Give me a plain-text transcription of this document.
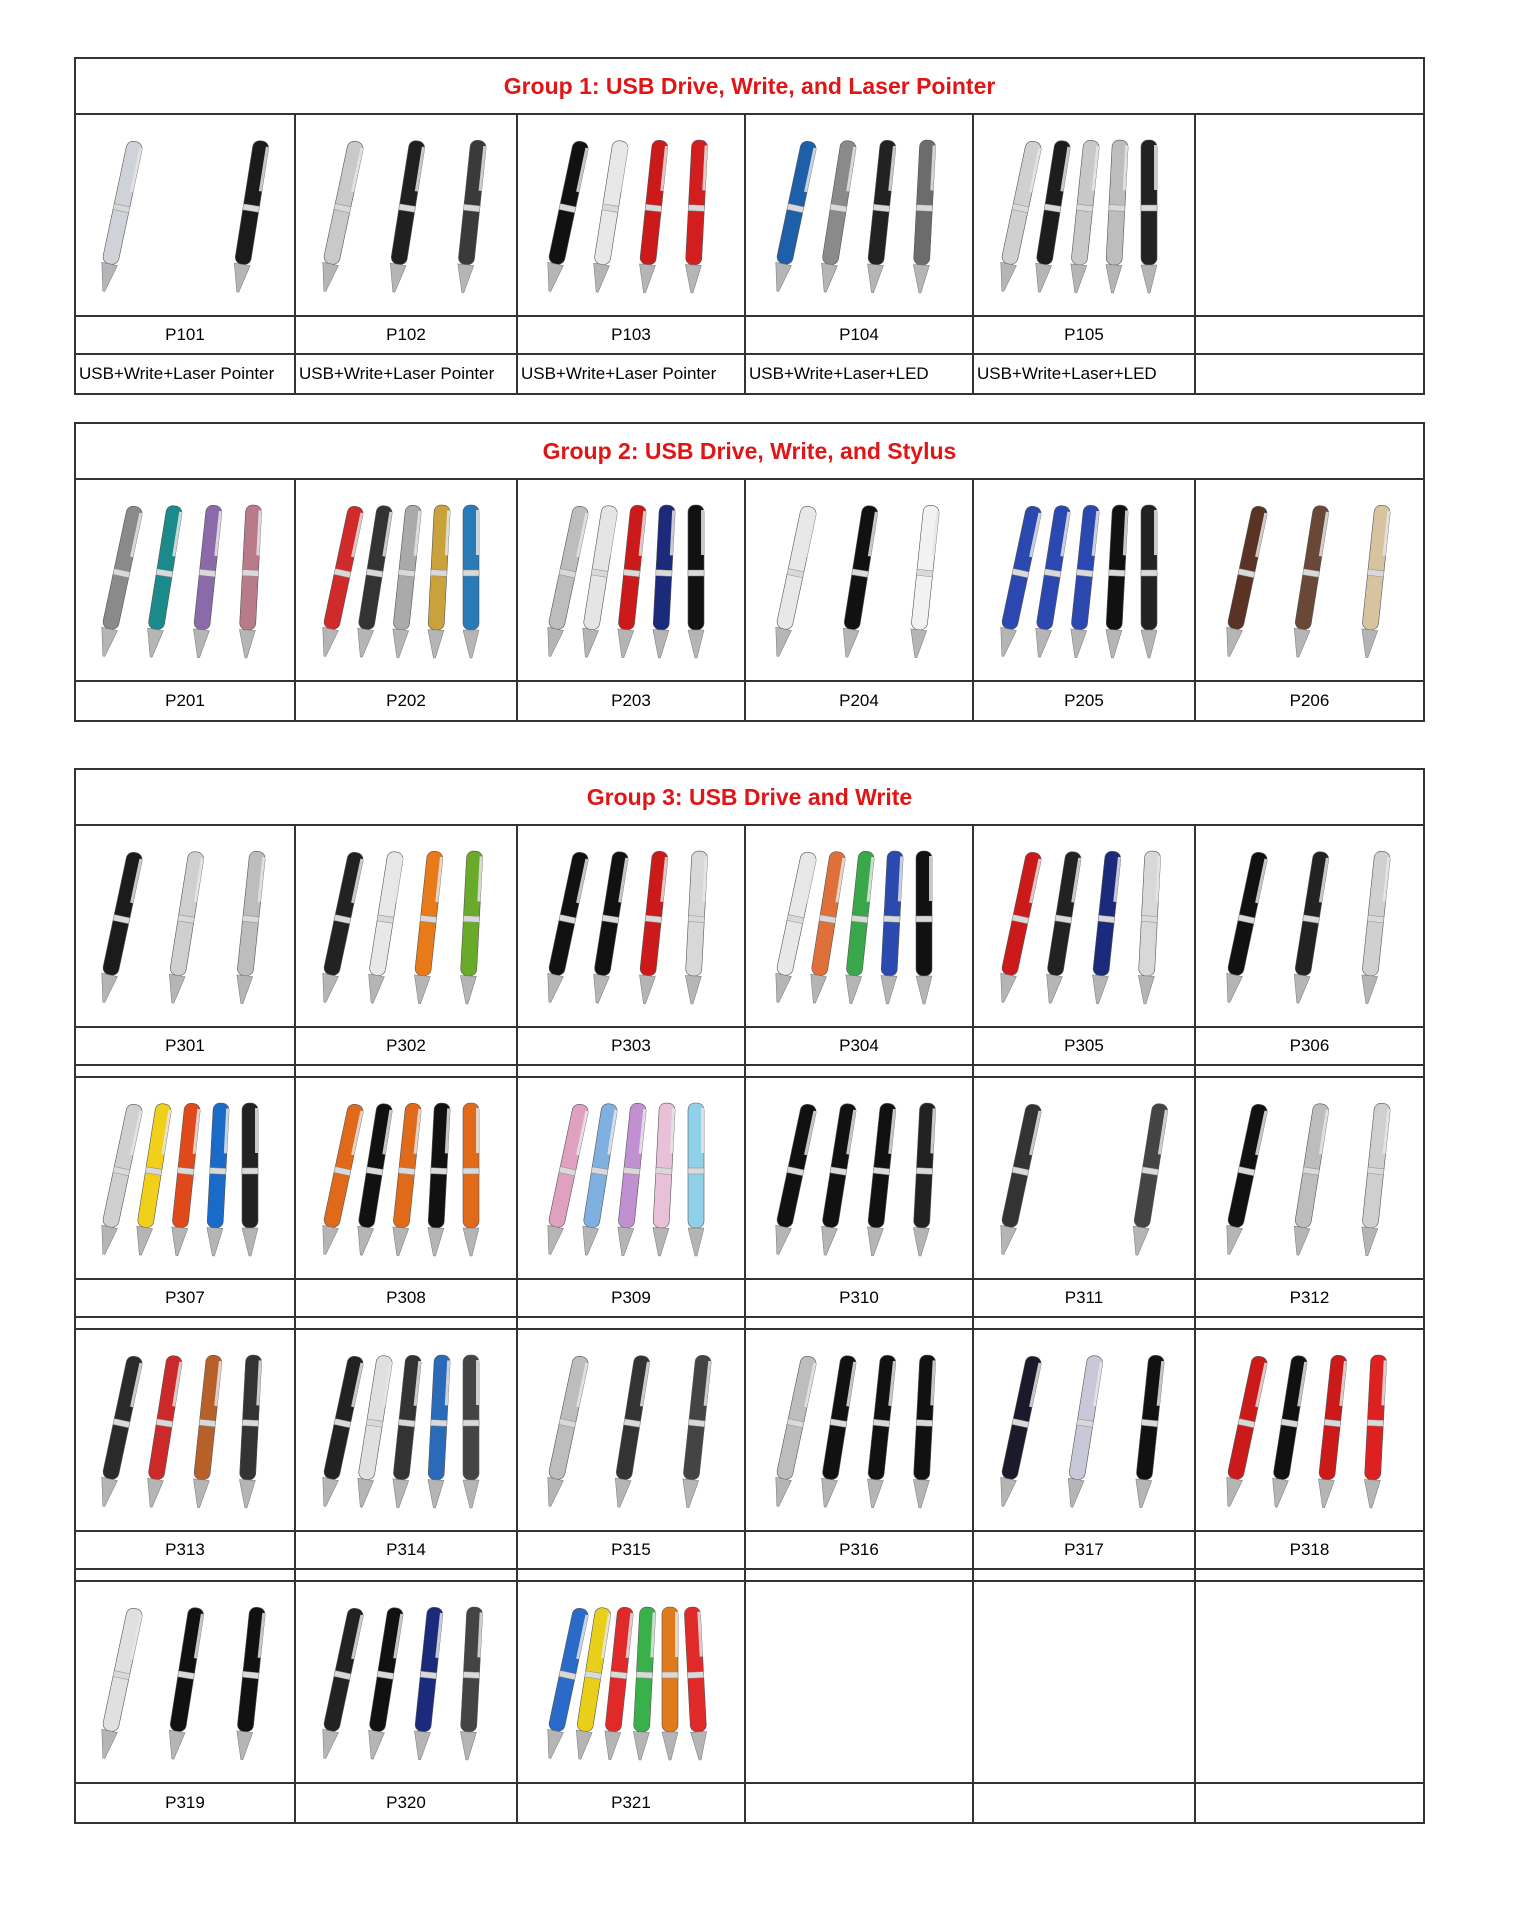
Group 1: USB Drive, Write, and Laser Pointer
P101	P102	P103	P104	P105
USB+Write+Laser Pointer	USB+Write+Laser Pointer	USB+Write+Laser Pointer	USB+Write+Laser+LED	USB+Write+Laser+LED
Group 2: USB Drive, Write, and Stylus
P201	P202	P203	P204	P205	P206
Group 3: USB Drive and Write
P301	P302	P303	P304	P305	P306
P307	P308	P309	P310	P311	P312
P313	P314	P315	P316	P317	P318
P319	P320	P321
